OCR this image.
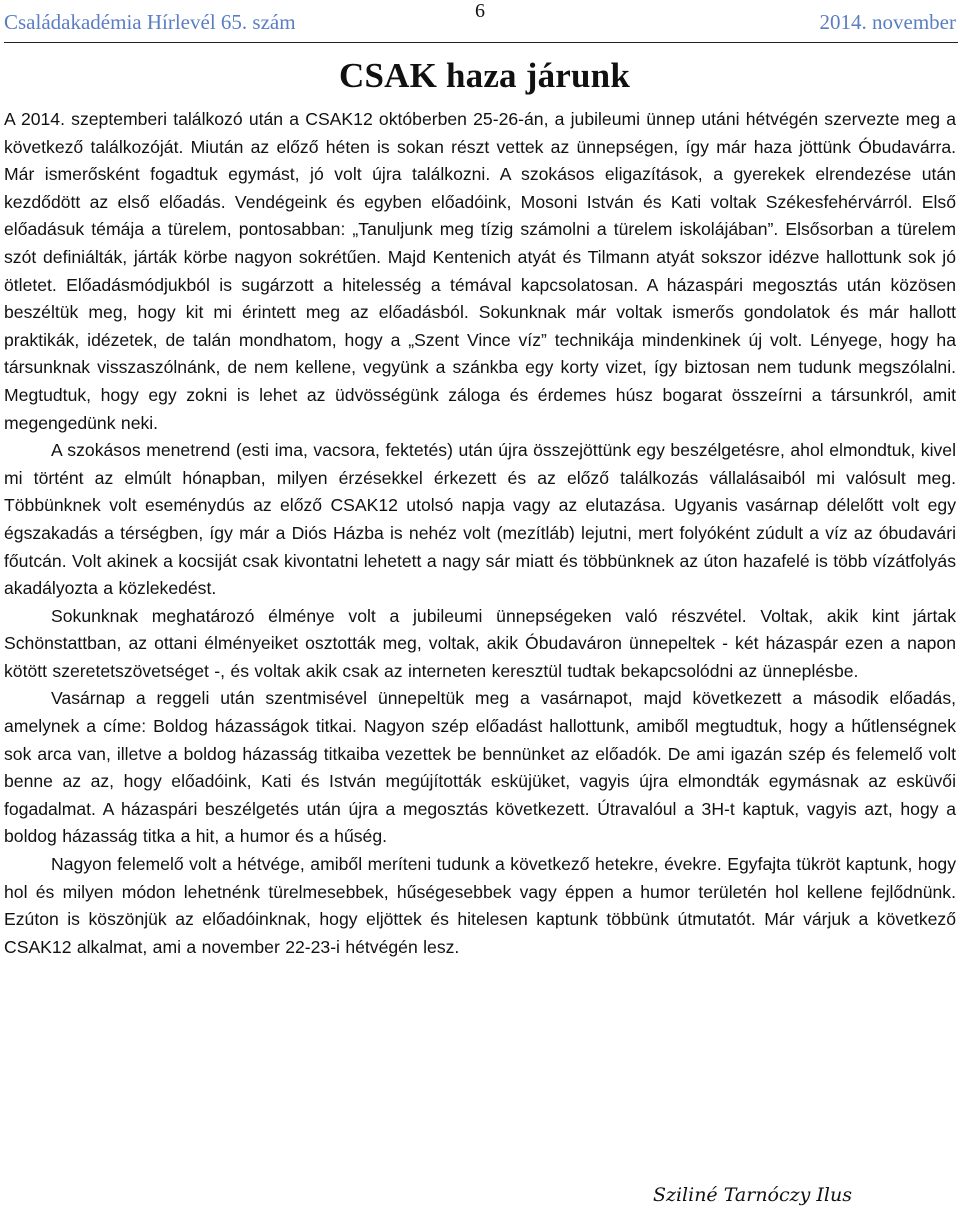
Családakadémia Hírlevél 65. szám	6	2014. november
CSAK haza járunk

A 2014. szeptemberi találkozó után a CSAK12 októberben 25-26-án, a jubileumi ünnep utáni hétvégén szervezte meg a következő találkozóját. Miután az előző héten is sokan részt vettek az ünnepségen, így már haza jöttünk Óbudavárra. Már ismerősként fogadtuk egymást, jó volt újra találkozni. A szokásos eligazítások, a gyerekek elrendezése után kezdődött az első előadás. Vendégeink és egyben előadóink, Mosoni István és Kati voltak Székesfehérvárról. Első előadásuk témája a türelem, pontosabban: „Tanuljunk meg tízig számolni a türelem iskolájában”. Elsősorban a türelem szót definiálták, járták körbe nagyon sokrétűen. Majd Kentenich atyát és Tilmann atyát sokszor idézve hallottunk sok jó ötletet. Előadásmódjukból is sugárzott a hitelesség a témával kapcsolatosan. A házaspári megosztás után közösen beszéltük meg, hogy kit mi érintett meg az előadásból. Sokunknak már voltak ismerős gondolatok és már hallott praktikák, idézetek, de talán mondhatom, hogy a „Szent Vince víz” technikája mindenkinek új volt. Lényege, hogy ha társunknak visszaszólnánk, de nem kellene, vegyünk a szánkba egy korty vizet, így biztosan nem tudunk megszólalni. Megtudtuk, hogy egy zokni is lehet az üdvösségünk záloga és érdemes húsz bogarat összeírni a társunkról, amit megengedünk neki.

A szokásos menetrend (esti ima, vacsora, fektetés) után újra összejöttünk egy beszélgetésre, ahol elmondtuk, kivel mi történt az elmúlt hónapban, milyen érzésekkel érkezett és az előző találkozás vállalásaiból mi valósult meg. Többünknek volt eseménydús az előző CSAK12 utolsó napja vagy az elutazása. Ugyanis vasárnap délelőtt volt egy égszakadás a térségben, így már a Diós Házba is nehéz volt (mezítláb) lejutni, mert folyóként zúdult a víz az óbudavári főutcán. Volt akinek a kocsiját csak kivontatni lehetett a nagy sár miatt és többünknek az úton hazafelé is több vízátfolyás akadályozta a közlekedést.

Sokunknak meghatározó élménye volt a jubileumi ünnepségeken való részvétel. Voltak, akik kint jártak Schönstattban, az ottani élményeiket osztották meg, voltak, akik Óbudaváron ünnepeltek - két házaspár ezen a napon kötött szeretetszövetséget -, és voltak akik csak az interneten keresztül tudtak bekapcsolódni az ünneplésbe.

Vasárnap a reggeli után szentmisével ünnepeltük meg a vasárnapot, majd következett a második előadás, amelynek a címe: Boldog házasságok titkai. Nagyon szép előadást hallottunk, amiből megtudtuk, hogy a hűtlenségnek sok arca van, illetve a boldog házasság titkaiba vezettek be bennünket az előadók. De ami igazán szép és felemelő volt benne az az, hogy előadóink, Kati és István megújították esküjüket, vagyis újra elmondták egymásnak az esküvői fogadalmat. A házaspári beszélgetés után újra a megosztás következett. Útravalóul a 3H-t kaptuk, vagyis azt, hogy a boldog házasság titka a hit, a humor és a hűség.

Nagyon felemelő volt a hétvége, amiből meríteni tudunk a következő hetekre, évekre. Egyfajta tükröt kaptunk, hogy hol és milyen módon lehetnénk türelmesebbek, hűségesebbek vagy éppen a humor területén hol kellene fejlődnünk. Ezúton is köszönjük az előadóinknak, hogy eljöttek és hitelesen kaptunk többünk útmutatót. Már várjuk a következő CSAK12 alkalmat, ami a november 22-23-i hétvégén lesz.

Sziliné Tarnóczy Ilus
